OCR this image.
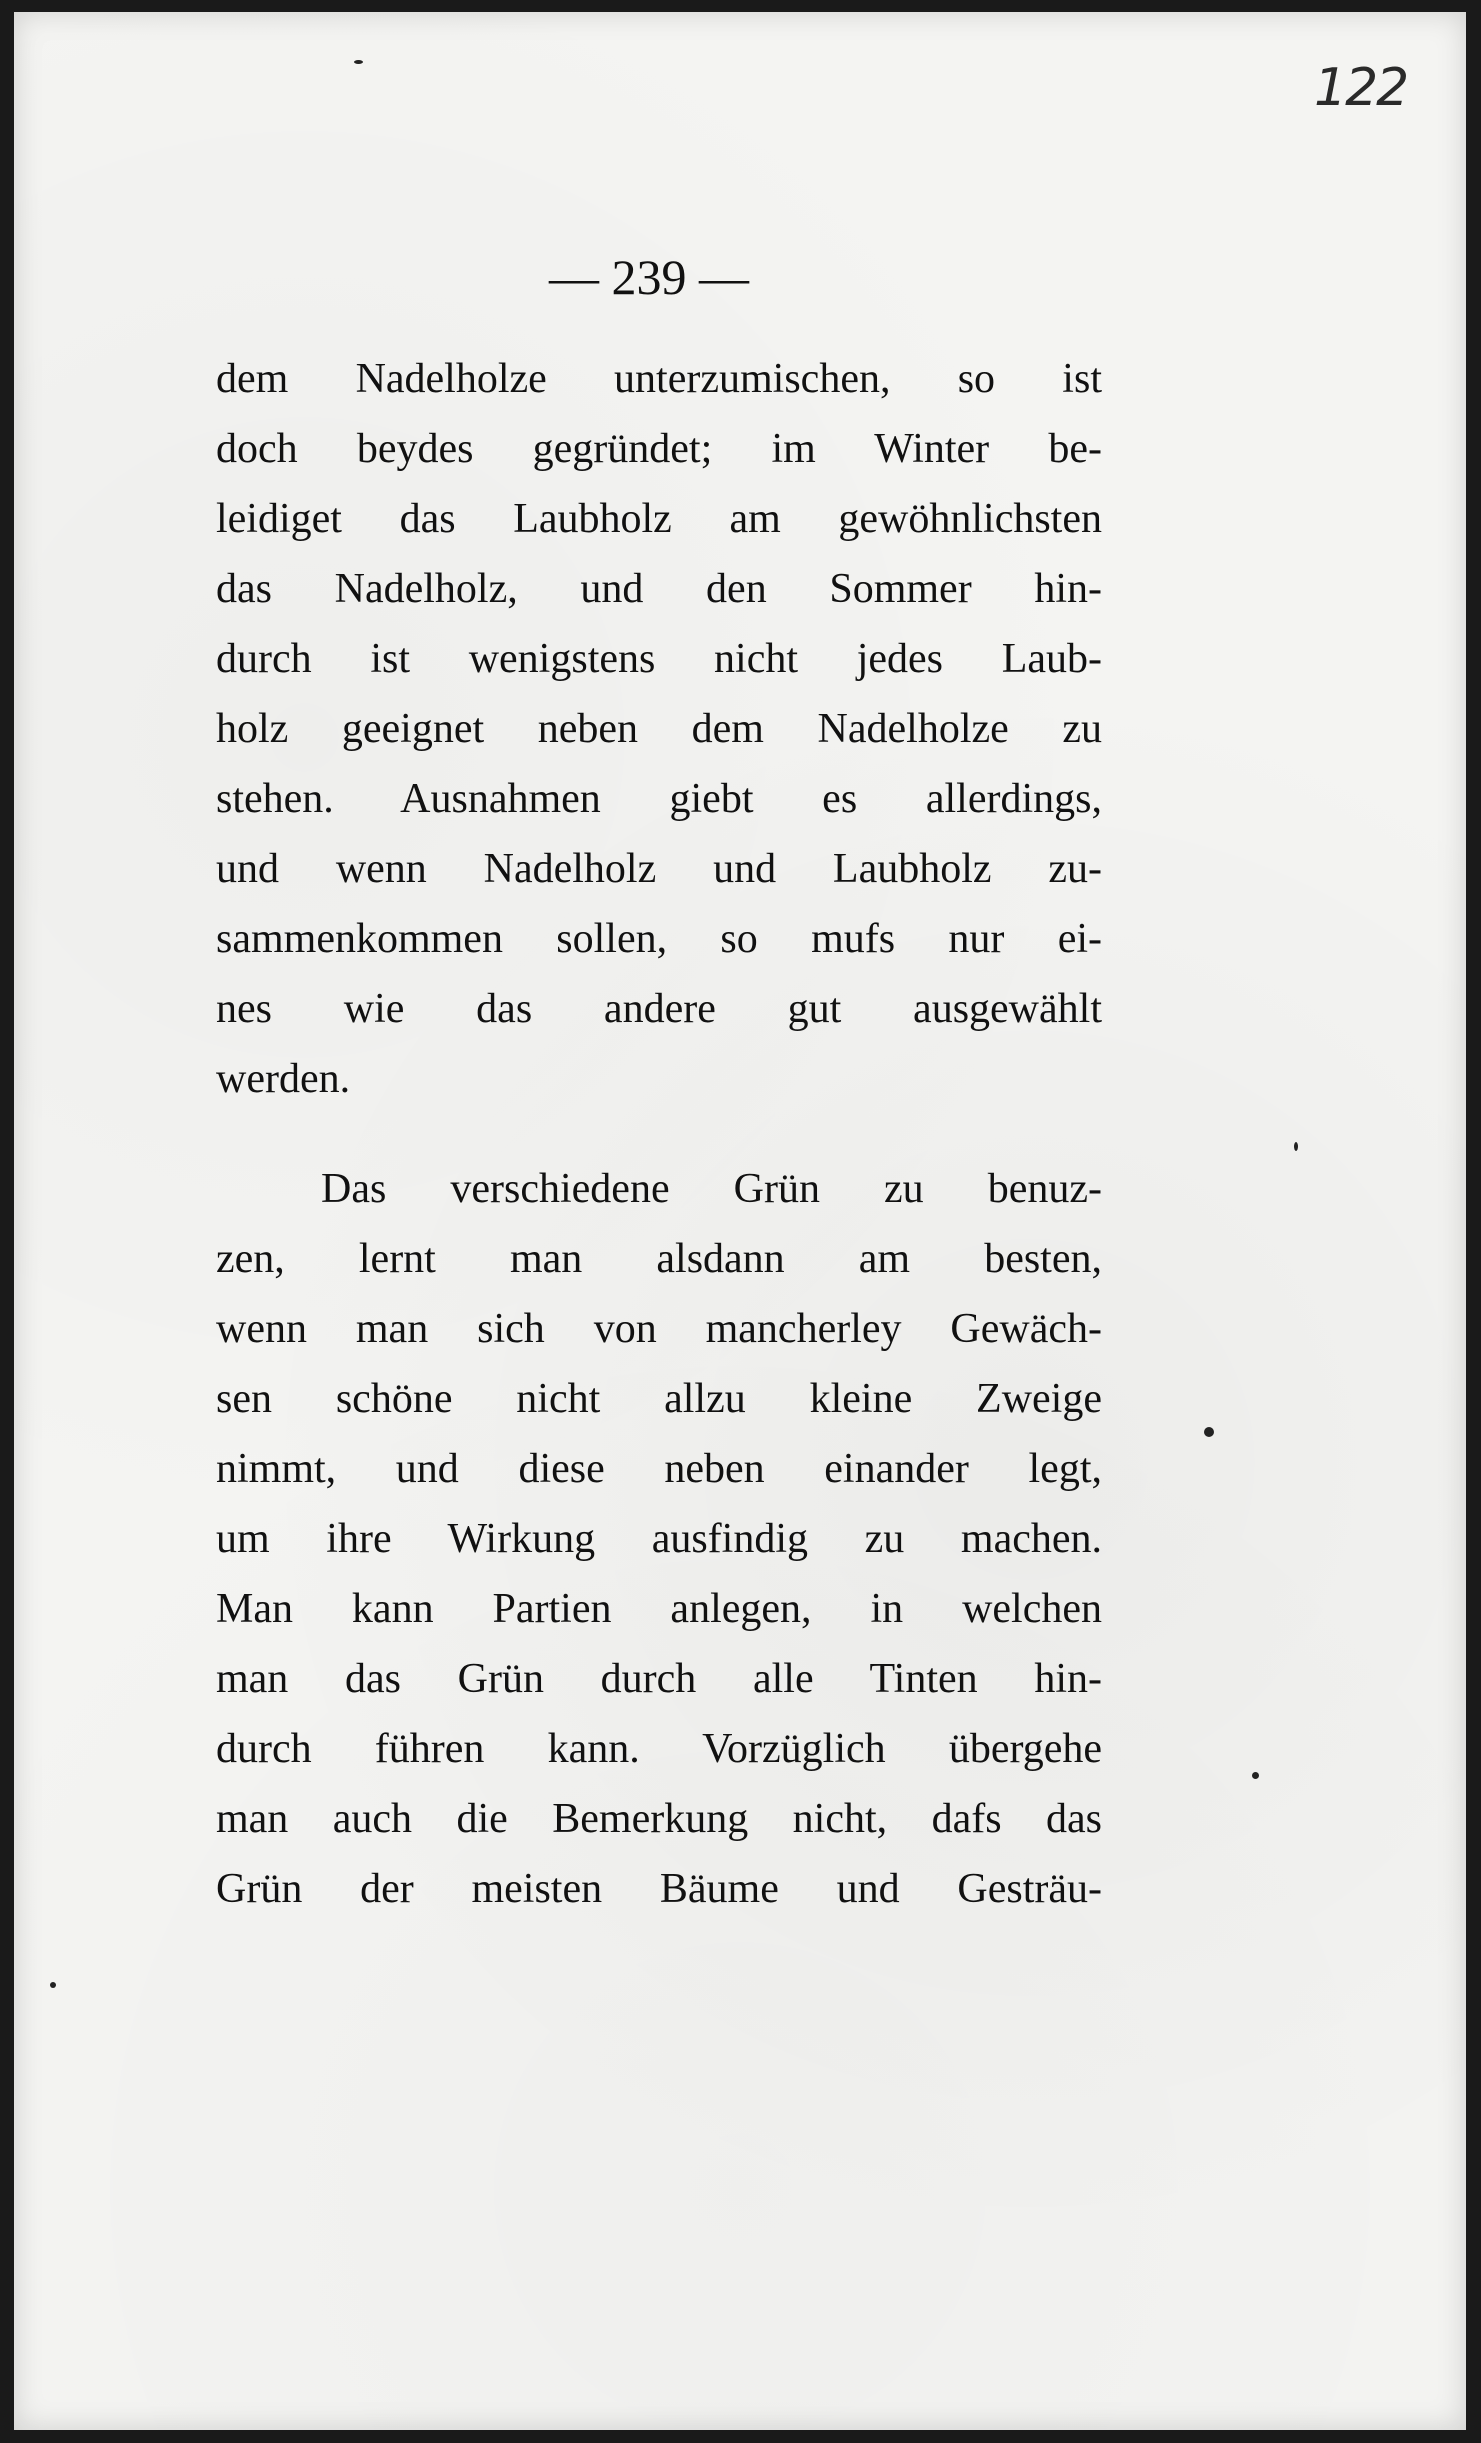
122
— 239 —
dem Nadelholze unterzumischen, so ist
doch beydes gegründet; im Winter be-
leidiget das Laubholz am gewöhnlichsten
das Nadelholz, und den Sommer hin-
durch ist wenigstens nicht jedes Laub-
holz geeignet neben dem Nadelholze zu
stehen. Ausnahmen giebt es allerdings,
und wenn Nadelholz und Laubholz zu-
sammenkommen sollen, so mufs nur ei-
nes wie das andere gut ausgewählt
werden.
Das verschiedene Grün zu benuz-
zen, lernt man alsdann am besten,
wenn man sich von mancherley Gewäch-
sen schöne nicht allzu kleine Zweige
nimmt, und diese neben einander legt,
um ihre Wirkung ausfindig zu machen.
Man kann Partien anlegen, in welchen
man das Grün durch alle Tinten hin-
durch führen kann. Vorzüglich übergehe
man auch die Bemerkung nicht, dafs das
Grün der meisten Bäume und Gesträu-
